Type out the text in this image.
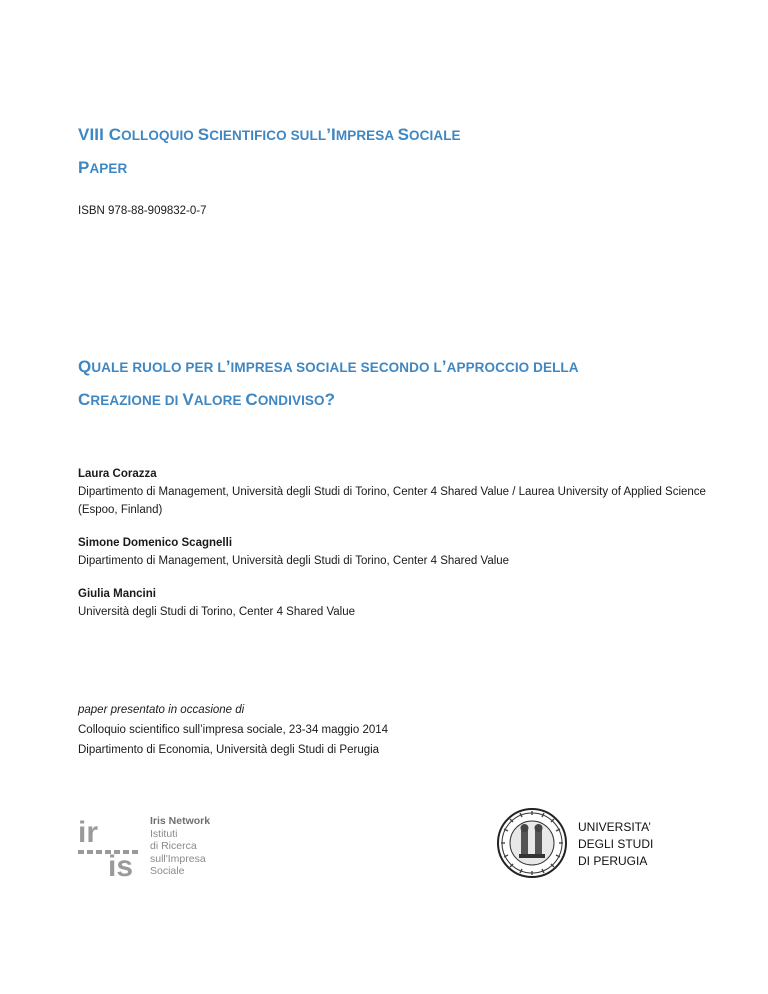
VIII COLLOQUIO SCIENTIFICO SULL’IMPRESA SOCIALE
PAPER
ISBN 978-88-909832-0-7
QUALE RUOLO PER L’IMPRESA SOCIALE SECONDO L’APPROCCIO DELLA
CREAZIONE DI VALORE CONDIVISO?
Laura Corazza
Dipartimento di Management, Università degli Studi di Torino, Center 4 Shared Value / Laurea University of Applied Science (Espoo, Finland)
Simone Domenico Scagnelli
Dipartimento di Management, Università degli Studi di Torino, Center 4 Shared Value
Giulia Mancini
Università degli Studi di Torino, Center 4 Shared Value
paper presentato in occasione di
Colloquio scientifico sull’impresa sociale, 23-34 maggio 2014
Dipartimento di Economia, Università degli Studi di Perugia
ir
is
Iris Network
Istituti
di Ricerca
sull'Impresa
Sociale
UNIVERSITA’
DEGLI STUDI
DI PERUGIA
